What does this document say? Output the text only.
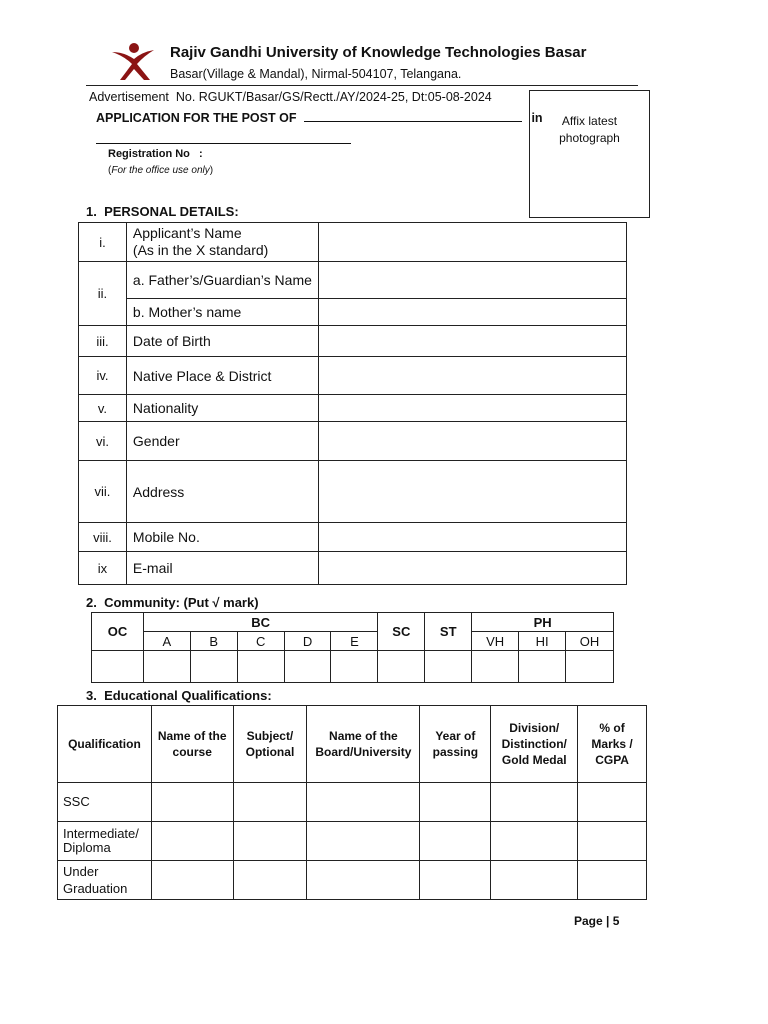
Rajiv Gandhi University of Knowledge Technologies Basar
Basar(Village & Mandal), Nirmal-504107, Telangana.
Advertisement  No. RGUKT/Basar/GS/Rectt./AY/2024-25, Dt:05-08-2024
APPLICATION FOR THE POST OF	in
Registration No   :
(For the office use only)
Affix latest photograph
1.  PERSONAL DETAILS:
i.	Applicant’s Name
(As in the X standard)	

ii.	a. Father’s/Guardian’s Name	
	b. Mother’s name	
iii.	Date of Birth	
iv.	Native Place & District	
v.	Nationality	
vi.	Gender	
vii.	Address	
viii.	Mobile No.	
ix	E-mail	
2.  Community: (Put √ mark)
OC	BC					SC	ST	PH		
	A	B	C	D	E			VH	HI	OH

3.  Educational Qualifications:
Qualification	Name of the course	Subject/ Optional	Name of the Board/University	Year of passing	Division/ Distinction/ Gold Medal	% of Marks / CGPA
SSC						
Intermediate/ Diploma						
Under Graduation						
Page | 5
